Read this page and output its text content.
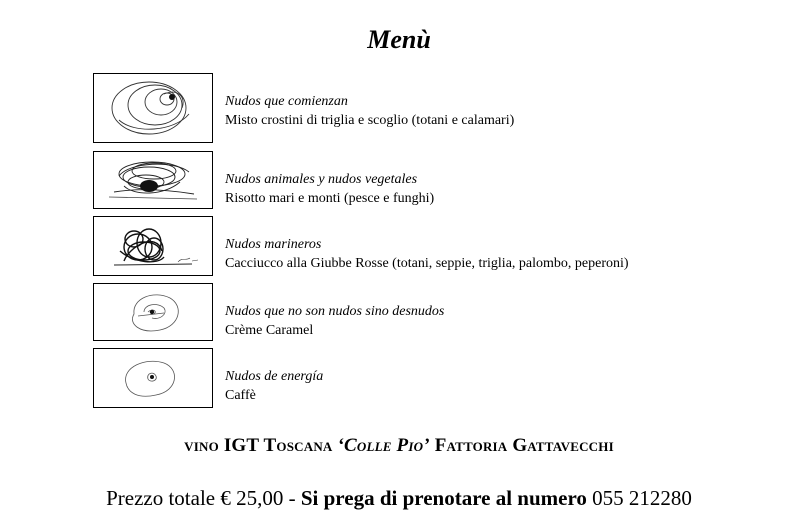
Menù
Nudos que comienzan
Misto crostini di triglia e scoglio (totani e calamari)
Nudos animales y nudos vegetales
Risotto mari e monti (pesce e funghi)
Nudos marineros
Cacciucco alla Giubbe Rosse (totani, seppie, triglia, palombo, peperoni)
Nudos que no son nudos sino desnudos
Crème Caramel
Nudos de energía
Caffè
vino IGT Toscana ‘Colle Pio’ Fattoria Gattavecchi
Prezzo totale € 25,00 - Si prega di prenotare al numero 055 212280
